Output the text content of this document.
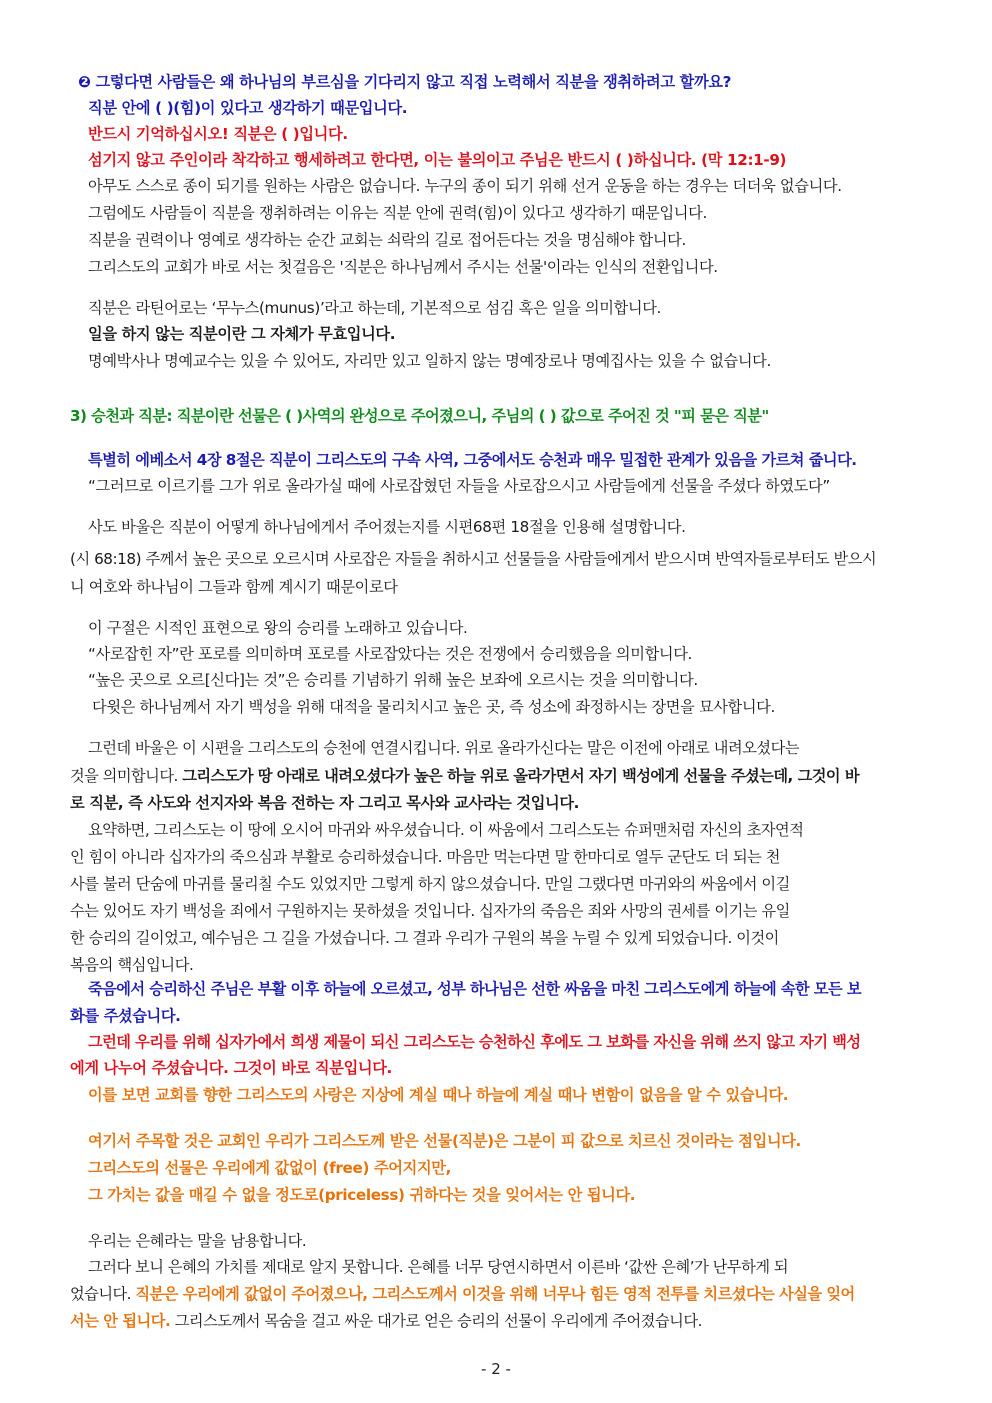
❷ 그렇다면 사람들은 왜 하나님의 부르심을 기다리지 않고 직접 노력해서 직분을 쟁취하려고 할까요?
직분 안에 ( )(힘)이 있다고 생각하기 때문입니다.
반드시 기억하십시오! 직분은 ( )입니다.
섬기지 않고 주인이라 착각하고 행세하려고 한다면, 이는 불의이고 주님은 반드시 ( )하십니다. (막 12:1-9)
아무도 스스로 종이 되기를 원하는 사람은 없습니다. 누구의 종이 되기 위해 선거 운동을 하는 경우는 더더욱 없습니다.
그럼에도 사람들이 직분을 쟁취하려는 이유는 직분 안에 권력(힘)이 있다고 생각하기 때문입니다.
직분을 권력이나 영예로 생각하는 순간 교회는 쇠락의 길로 접어든다는 것을 명심해야 합니다.
그리스도의 교회가 바로 서는 첫걸음은 '직분은 하나님께서 주시는 선물'이라는 인식의 전환입니다.
직분은 라틴어로는 ‘무누스(munus)’라고 하는데, 기본적으로 섬김 혹은 일을 의미합니다.
일을 하지 않는 직분이란 그 자체가 무효입니다.
명예박사나 명예교수는 있을 수 있어도, 자리만 있고 일하지 않는 명예장로나 명예집사는 있을 수 없습니다.
3) 승천과 직분: 직분이란 선물은 ( )사역의 완성으로 주어졌으니, 주님의 ( ) 값으로 주어진 것 "피 묻은 직분"
특별히 에베소서 4장 8절은 직분이 그리스도의 구속 사역, 그중에서도 승천과 매우 밀접한 관계가 있음을 가르쳐 줍니다.
“그러므로 이르기를 그가 위로 올라가실 때에 사로잡혔던 자들을 사로잡으시고 사람들에게 선물을 주셨다 하였도다”
사도 바울은 직분이 어떻게 하나님에게서 주어졌는지를 시편68편 18절을 인용해 설명합니다.
(시 68:18) 주께서 높은 곳으로 오르시며 사로잡은 자들을 취하시고 선물들을 사람들에게서 받으시며 반역자들로부터도 받으시
니 여호와 하나님이 그들과 함께 계시기 때문이로다
이 구절은 시적인 표현으로 왕의 승리를 노래하고 있습니다.
“사로잡힌 자”란 포로를 의미하며 포로를 사로잡았다는 것은 전쟁에서 승리했음을 의미합니다.
“높은 곳으로 오르[신다]는 것”은 승리를 기념하기 위해 높은 보좌에 오르시는 것을 의미합니다.
다윗은 하나님께서 자기 백성을 위해 대적을 물리치시고 높은 곳, 즉 성소에 좌정하시는 장면을 묘사합니다.
그런데 바울은 이 시편을 그리스도의 승천에 연결시킵니다. 위로 올라가신다는 말은 이전에 아래로 내려오셨다는
것을 의미합니다. 그리스도가 땅 아래로 내려오셨다가 높은 하늘 위로 올라가면서 자기 백성에게 선물을 주셨는데, 그것이 바
로 직분, 즉 사도와 선지자와 복음 전하는 자 그리고 목사와 교사라는 것입니다.
요약하면, 그리스도는 이 땅에 오시어 마귀와 싸우셨습니다. 이 싸움에서 그리스도는 슈퍼맨처럼 자신의 초자연적
인 힘이 아니라 십자가의 죽으심과 부활로 승리하셨습니다. 마음만 먹는다면 말 한마디로 열두 군단도 더 되는 천
사를 불러 단숨에 마귀를 물리칠 수도 있었지만 그렇게 하지 않으셨습니다. 만일 그랬다면 마귀와의 싸움에서 이길
수는 있어도 자기 백성을 죄에서 구원하지는 못하셨을 것입니다. 십자가의 죽음은 죄와 사망의 권세를 이기는 유일
한 승리의 길이었고, 예수님은 그 길을 가셨습니다. 그 결과 우리가 구원의 복을 누릴 수 있게 되었습니다. 이것이
복음의 핵심입니다.
죽음에서 승리하신 주님은 부활 이후 하늘에 오르셨고, 성부 하나님은 선한 싸움을 마친 그리스도에게 하늘에 속한 모든 보
화를 주셨습니다.
그런데 우리를 위해 십자가에서 희생 제물이 되신 그리스도는 승천하신 후에도 그 보화를 자신을 위해 쓰지 않고 자기 백성
에게 나누어 주셨습니다. 그것이 바로 직분입니다.
이를 보면 교회를 향한 그리스도의 사랑은 지상에 계실 때나 하늘에 계실 때나 변함이 없음을 알 수 있습니다.
여기서 주목할 것은 교회인 우리가 그리스도께 받은 선물(직분)은 그분이 피 값으로 치르신 것이라는 점입니다.
그리스도의 선물은 우리에게 값없이 (free) 주어지지만,
그 가치는 값을 매길 수 없을 정도로(priceless) 귀하다는 것을 잊어서는 안 됩니다.
우리는 은혜라는 말을 남용합니다.
그러다 보니 은혜의 가치를 제대로 알지 못합니다. 은혜를 너무 당연시하면서 이른바 ‘값싼 은혜’가 난무하게 되
었습니다. 직분은 우리에게 값없이 주어졌으나, 그리스도께서 이것을 위해 너무나 힘든 영적 전투를 치르셨다는 사실을 잊어
서는 안 됩니다. 그리스도께서 목숨을 걸고 싸운 대가로 얻은 승리의 선물이 우리에게 주어졌습니다.
- 2 -
